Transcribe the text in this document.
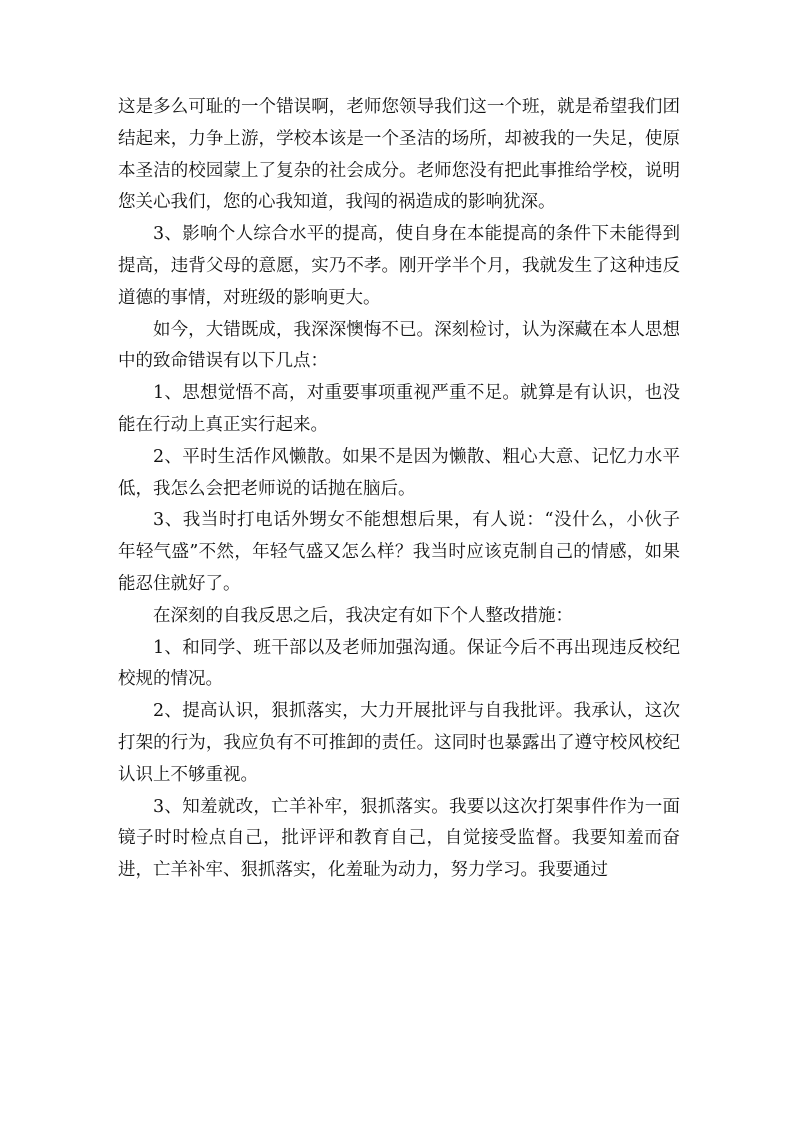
这是多么可耻的一个错误啊，老师您领导我们这一个班，就是希望我们团结起来，力争上游，学校本该是一个圣洁的场所，却被我的一失足，使原本圣洁的校园蒙上了复杂的社会成分。老师您没有把此事推给学校，说明您关心我们，您的心我知道，我闯的祸造成的影响犹深。

3、影响个人综合水平的提高，使自身在本能提高的条件下未能得到提高，违背父母的意愿，实乃不孝。刚开学半个月，我就发生了这种违反道德的事情，对班级的影响更大。

如今，大错既成，我深深懊悔不已。深刻检讨，认为深藏在本人思想中的致命错误有以下几点：

1、思想觉悟不高，对重要事项重视严重不足。就算是有认识，也没能在行动上真正实行起来。

2、平时生活作风懒散。如果不是因为懒散、粗心大意、记忆力水平低，我怎么会把老师说的话抛在脑后。

3、我当时打电话外甥女不能想想后果，有人说：“没什么，小伙子年轻气盛”不然，年轻气盛又怎么样？我当时应该克制自己的情感，如果能忍住就好了。

在深刻的自我反思之后，我决定有如下个人整改措施：

1、和同学、班干部以及老师加强沟通。保证今后不再出现违反校纪校规的情况。

2、提高认识，狠抓落实，大力开展批评与自我批评。我承认，这次打架的行为，我应负有不可推卸的责任。这同时也暴露出了遵守校风校纪认识上不够重视。

3、知羞就改，亡羊补牢，狠抓落实。我要以这次打架事件作为一面镜子时时检点自己，批评评和教育自己，自觉接受监督。我要知羞而奋进，亡羊补牢、狠抓落实，化羞耻为动力，努力学习。我要通过
